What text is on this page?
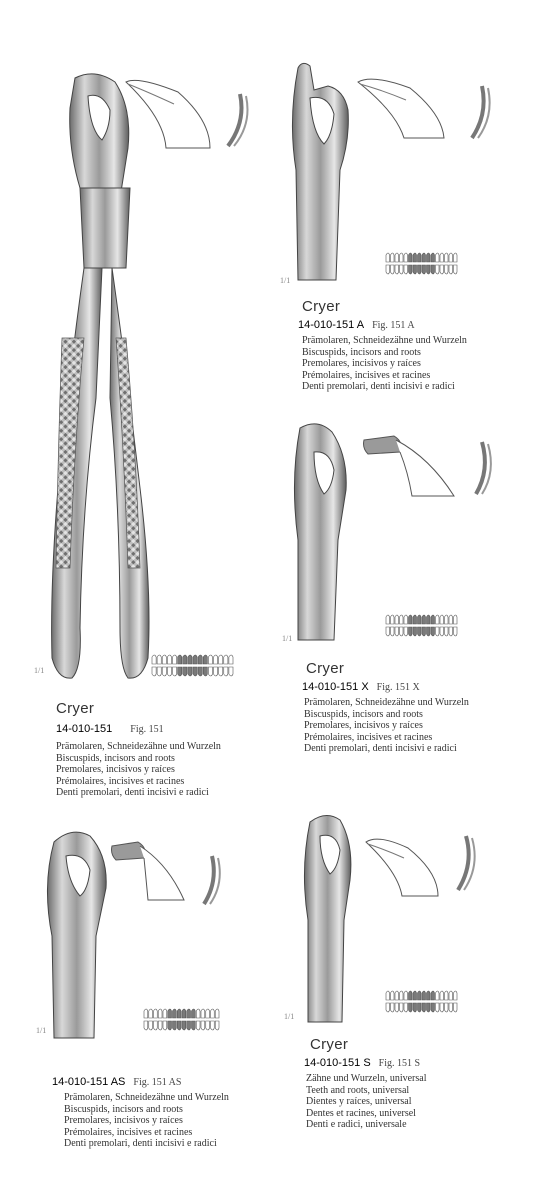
1/1
Cryer
14-010-151 Fig. 151
Prämolaren, Schneidezähne und Wurzeln
Biscuspids, incisors and roots
Premolares, incisivos y raíces
Prémolaires, incisives et racines
Denti premolari, denti incisivi e radici
1/1
Cryer
14-010-151 A Fig. 151 A
Prämolaren, Schneidezähne und Wurzeln
Biscuspids, incisors and roots
Premolares, incisivos y raíces
Prémolaires, incisives et racines
Denti premolari, denti incisivi e radici
1/1
Cryer
14-010-151 X Fig. 151 X
Prämolaren, Schneidezähne und Wurzeln
Biscuspids, incisors and roots
Premolares, incisivos y raíces
Prémolaires, incisives et racines
Denti premolari, denti incisivi e radici
1/1
14-010-151 AS Fig. 151 AS
Prämolaren, Schneidezähne und Wurzeln
Biscuspids, incisors and roots
Premolares, incisivos y raíces
Prémolaires, incisives et racines
Denti premolari, denti incisivi e radici
1/1
Cryer
14-010-151 S Fig. 151 S
Zähne und Wurzeln, universal
Teeth and roots, universal
Dientes y raíces, universal
Dentes et racines, universel
Denti e radici, universale
